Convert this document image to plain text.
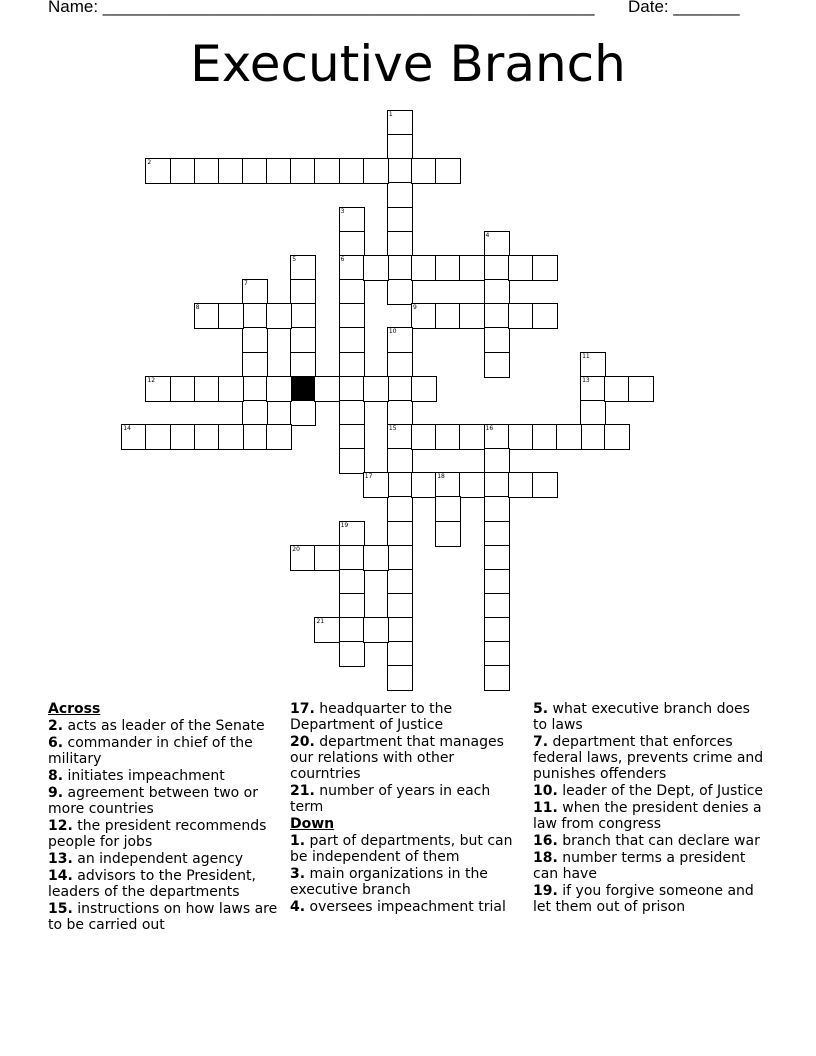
Name: ____________________________________________________ Date: _______
Executive Branch
1
2
3
6
4
5
7
8	9
10
15
11
13
12
14	16
17	18
19
20
21
Across
2. acts as leader of the Senate
6. commander in chief of the military
8. initiates impeachment
9. agreement between two or more countries
12. the president recommends people for jobs
13. an independent agency
14. advisors to the President, leaders of the departments
15. instructions on how laws are to be carried out
17. headquarter to the Department of Justice
20. department that manages our relations with other courntries
21. number of years in each term
Down
1. part of departments, but can be independent of them
3. main organizations in the executive branch
4. oversees impeachment trial
5. what executive branch does to laws
7. department that enforces federal laws, prevents crime and punishes offenders
10. leader of the Dept, of Justice
11. when the president denies a law from congress
16. branch that can declare war
18. number terms a president can have
19. if you forgive someone and let them out of prison
